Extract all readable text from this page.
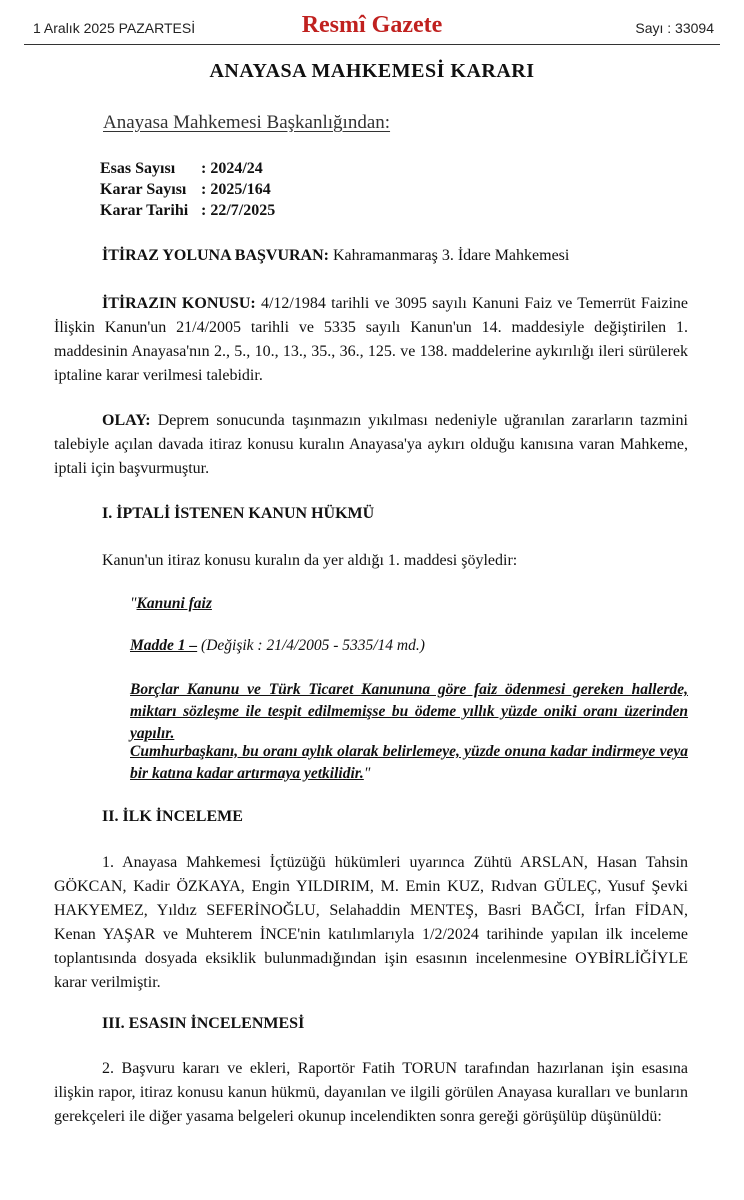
1 Aralık 2025 PAZARTESİ	Resmî Gazete	Sayı : 33094
ANAYASA MAHKEMESİ KARARI
Anayasa Mahkemesi Başkanlığından:
Esas Sayısı : 2024/24
Karar Sayısı : 2025/164
Karar Tarihi : 22/7/2025
İTİRAZ YOLUNA BAŞVURAN: Kahramanmaraş 3. İdare Mahkemesi
İTİRAZIN KONUSU: 4/12/1984 tarihli ve 3095 sayılı Kanuni Faiz ve Temerrüt Faizine İlişkin Kanun'un 21/4/2005 tarihli ve 5335 sayılı Kanun'un 14. maddesiyle değiştirilen 1. maddesinin Anayasa'nın 2., 5., 10., 13., 35., 36., 125. ve 138. maddelerine aykırılığı ileri sürülerek iptaline karar verilmesi talebidir.
OLAY: Deprem sonucunda taşınmazın yıkılması nedeniyle uğranılan zararların tazmini talebiyle açılan davada itiraz konusu kuralın Anayasa'ya aykırı olduğu kanısına varan Mahkeme, iptali için başvurmuştur.
I. İPTALİ İSTENEN KANUN HÜKMÜ
Kanun'un itiraz konusu kuralın da yer aldığı 1. maddesi şöyledir:
"Kanuni faiz
Madde 1 – (Değişik : 21/4/2005 - 5335/14 md.)
Borçlar Kanunu ve Türk Ticaret Kanununa göre faiz ödenmesi gereken hallerde, miktarı sözleşme ile tespit edilmemişse bu ödeme yıllık yüzde oniki oranı üzerinden yapılır.
Cumhurbaşkanı, bu oranı aylık olarak belirlemeye, yüzde onuna kadar indirmeye veya bir katına kadar artırmaya yetkilidir."
II. İLK İNCELEME
1. Anayasa Mahkemesi İçtüzüğü hükümleri uyarınca Zühtü ARSLAN, Hasan Tahsin GÖKCAN, Kadir ÖZKAYA, Engin YILDIRIM, M. Emin KUZ, Rıdvan GÜLEÇ, Yusuf Şevki HAKYEMEZ, Yıldız SEFERİNOĞLU, Selahaddin MENTEŞ, Basri BAĞCI, İrfan FİDAN, Kenan YAŞAR ve Muhterem İNCE'nin katılımlarıyla 1/2/2024 tarihinde yapılan ilk inceleme toplantısında dosyada eksiklik bulunmadığından işin esasının incelenmesine OYBİRLİĞİYLE karar verilmiştir.
III. ESASIN İNCELENMESİ
2. Başvuru kararı ve ekleri, Raportör Fatih TORUN tarafından hazırlanan işin esasına ilişkin rapor, itiraz konusu kanun hükmü, dayanılan ve ilgili görülen Anayasa kuralları ve bunların gerekçeleri ile diğer yasama belgeleri okunup incelendikten sonra gereği görüşülüp düşünüldü:
